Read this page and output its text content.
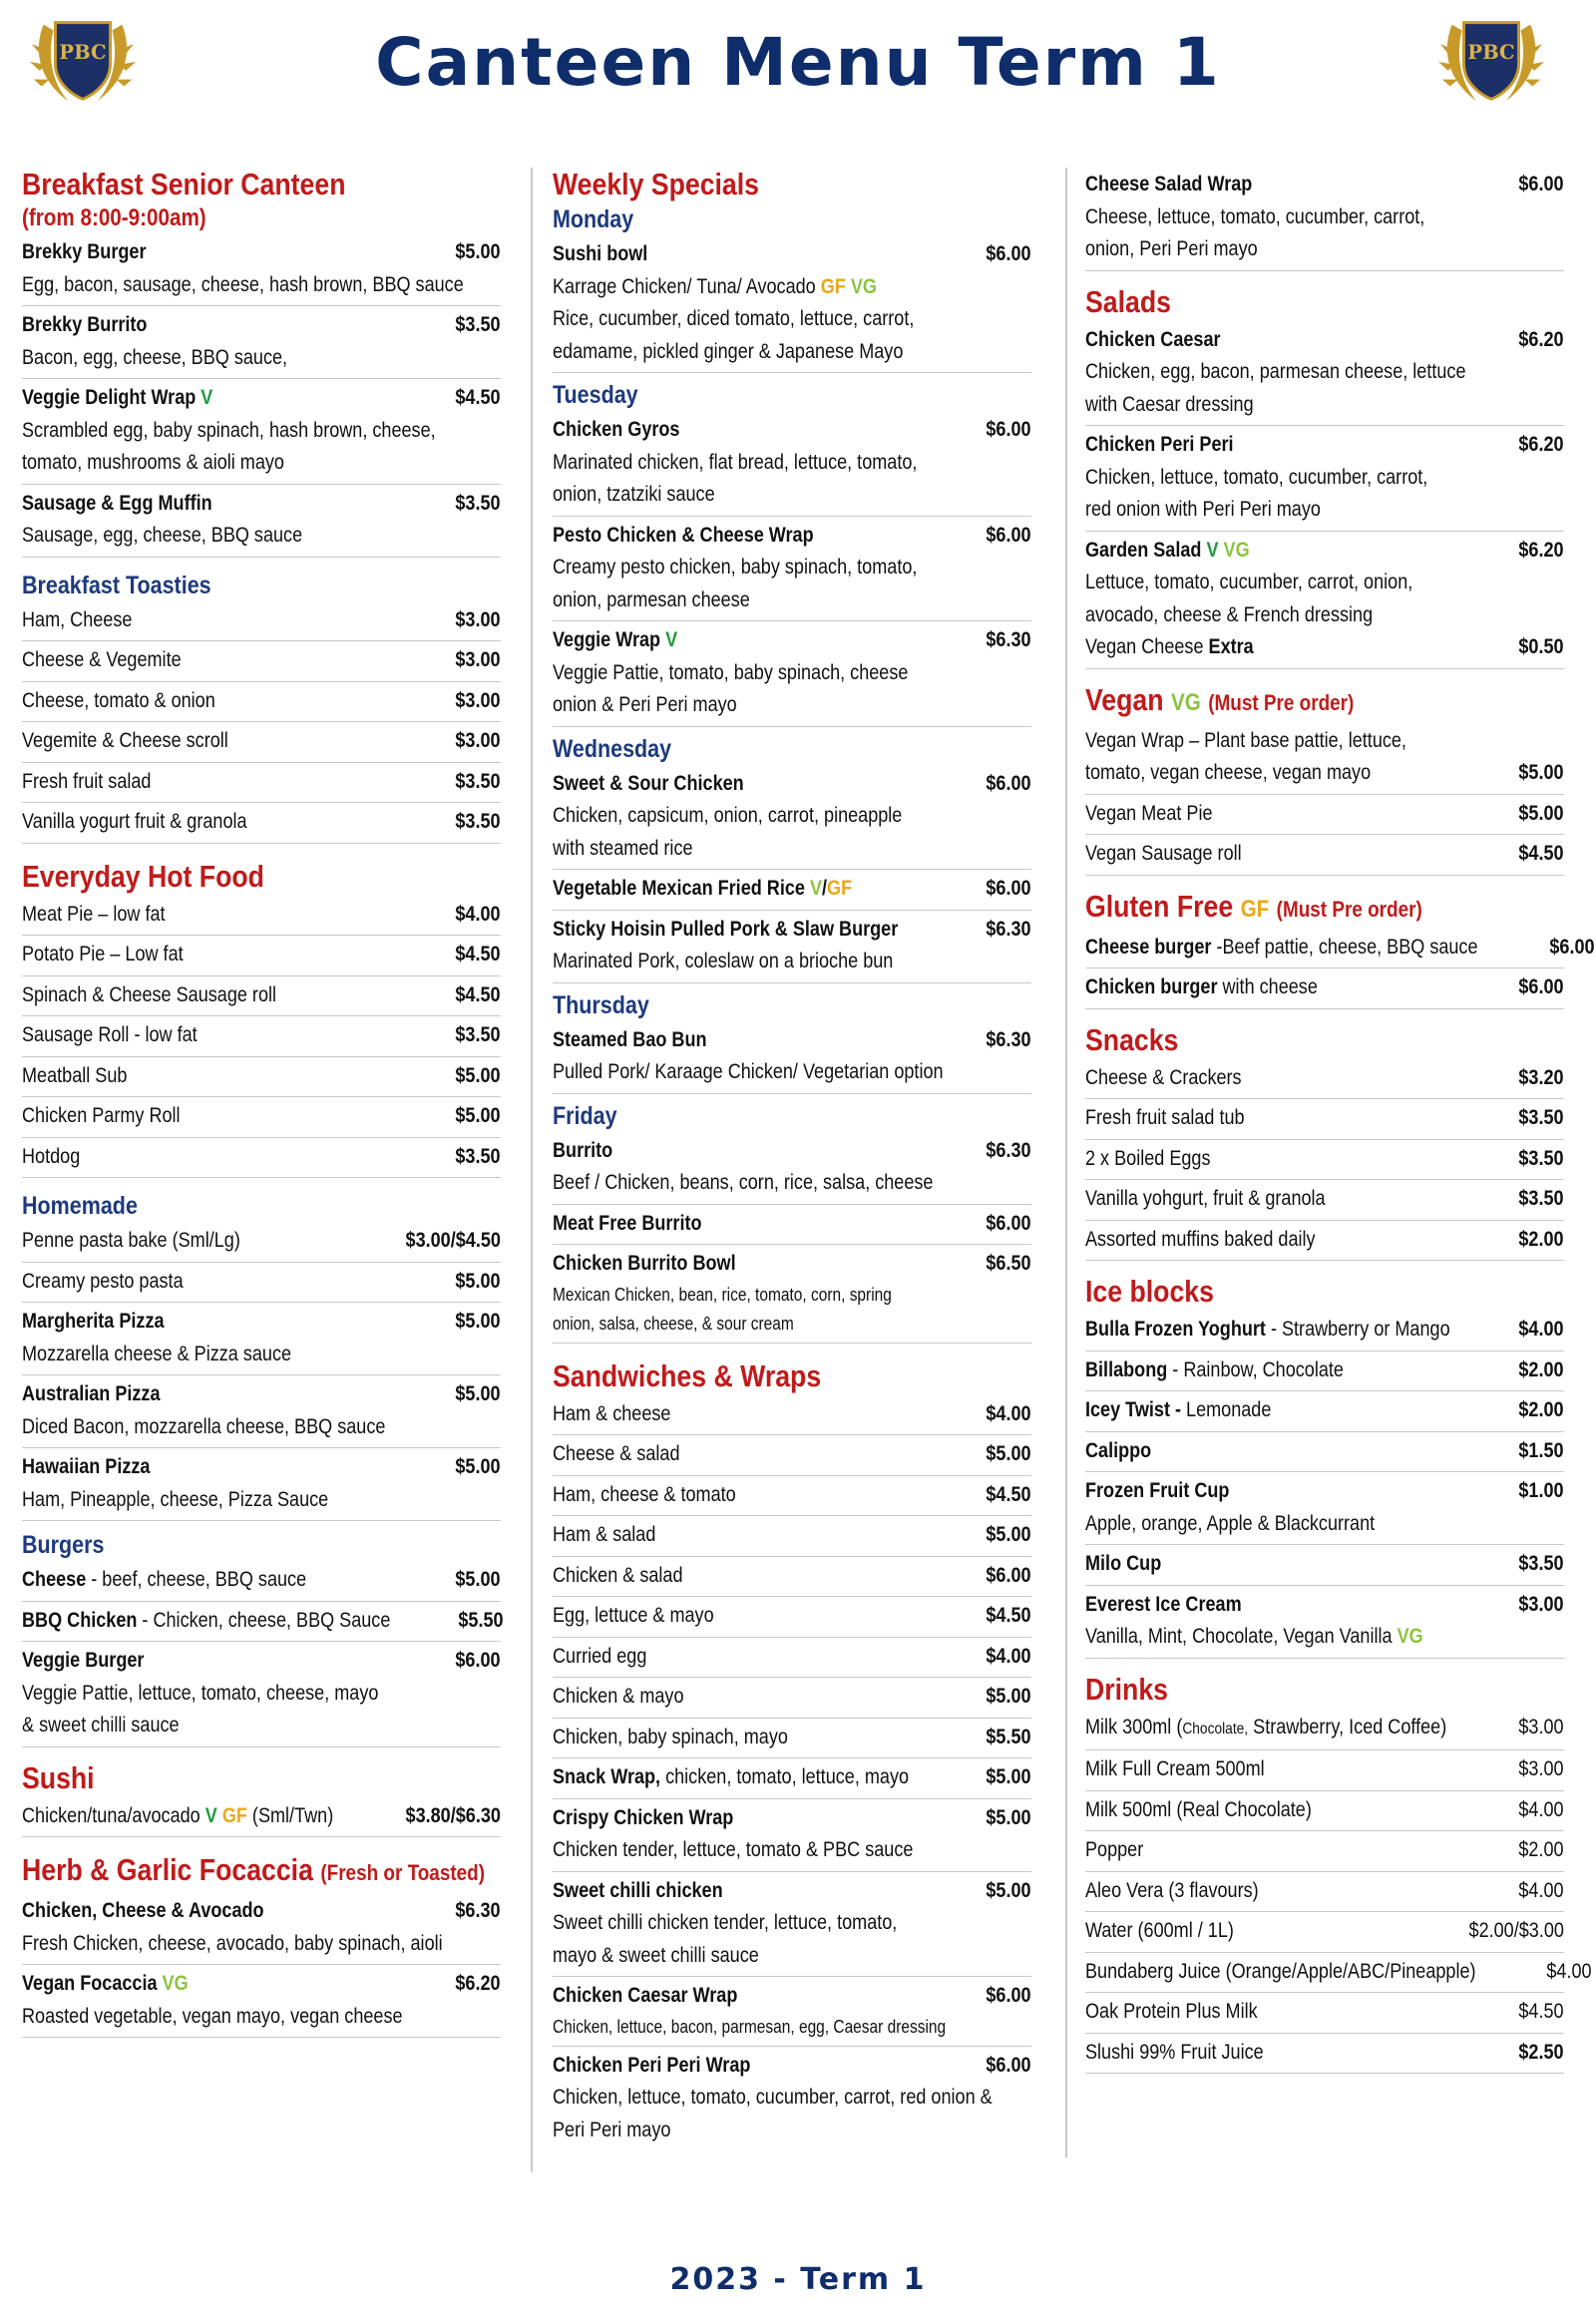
PBC	PBC
Canteen Menu Term 1
Breakfast Senior Canteen
(from 8:00-9:00am)
Brekky Burger	$5.00
Egg, bacon, sausage, cheese, hash brown, BBQ sauce
Brekky Burrito	$3.50
Bacon, egg, cheese, BBQ sauce,
Veggie Delight Wrap V	$4.50
Scrambled egg, baby spinach, hash brown, cheese,
tomato, mushrooms & aioli mayo
Sausage & Egg Muffin	$3.50
Sausage, egg, cheese, BBQ sauce
Breakfast Toasties
Ham, Cheese	$3.00
Cheese & Vegemite	$3.00
Cheese, tomato & onion	$3.00
Vegemite & Cheese scroll	$3.00
Fresh fruit salad	$3.50
Vanilla yogurt fruit & granola	$3.50
Everyday Hot Food
Meat Pie – low fat	$4.00
Potato Pie – Low fat	$4.50
Spinach & Cheese Sausage roll	$4.50
Sausage Roll - low fat	$3.50
Meatball Sub	$5.00
Chicken Parmy Roll	$5.00
Hotdog	$3.50
Homemade
Penne pasta bake (Sml/Lg)	$3.00/$4.50
Creamy pesto pasta	$5.00
Margherita Pizza	$5.00
Mozzarella cheese & Pizza sauce
Australian Pizza	$5.00
Diced Bacon, mozzarella cheese, BBQ sauce
Hawaiian Pizza	$5.00
Ham, Pineapple, cheese, Pizza Sauce
Burgers
Cheese - beef, cheese, BBQ sauce	$5.00
BBQ Chicken - Chicken, cheese, BBQ Sauce	$5.50
Veggie Burger	$6.00
Veggie Pattie, lettuce, tomato, cheese, mayo
& sweet chilli sauce
Sushi
Chicken/tuna/avocado V GF (Sml/Twn)	$3.80/$6.30
Herb & Garlic Focaccia (Fresh or Toasted)
Chicken, Cheese & Avocado	$6.30
Fresh Chicken, cheese, avocado, baby spinach, aioli
Vegan Focaccia VG	$6.20
Roasted vegetable, vegan mayo, vegan cheese
Weekly Specials
Monday
Sushi bowl	$6.00
Karrage Chicken/ Tuna/ Avocado GF VG
Rice, cucumber, diced tomato, lettuce, carrot,
edamame, pickled ginger & Japanese Mayo
Tuesday
Chicken Gyros	$6.00
Marinated chicken, flat bread, lettuce, tomato,
onion, tzatziki sauce
Pesto Chicken & Cheese Wrap	$6.00
Creamy pesto chicken, baby spinach, tomato,
onion, parmesan cheese
Veggie Wrap V	$6.30
Veggie Pattie, tomato, baby spinach, cheese
onion & Peri Peri mayo
Wednesday
Sweet & Sour Chicken	$6.00
Chicken, capsicum, onion, carrot, pineapple
with steamed rice
Vegetable Mexican Fried Rice V/GF	$6.00
Sticky Hoisin Pulled Pork & Slaw Burger	$6.30
Marinated Pork, coleslaw on a brioche bun
Thursday
Steamed Bao Bun	$6.30
Pulled Pork/ Karaage Chicken/ Vegetarian option
Friday
Burrito	$6.30
Beef / Chicken, beans, corn, rice, salsa, cheese
Meat Free Burrito	$6.00
Chicken Burrito Bowl	$6.50
Mexican Chicken, bean, rice, tomato, corn, spring
onion, salsa, cheese, & sour cream
Sandwiches & Wraps
Ham & cheese	$4.00
Cheese & salad	$5.00
Ham, cheese & tomato	$4.50
Ham & salad	$5.00
Chicken & salad	$6.00
Egg, lettuce & mayo	$4.50
Curried egg	$4.00
Chicken & mayo	$5.00
Chicken, baby spinach, mayo	$5.50
Snack Wrap, chicken, tomato, lettuce, mayo	$5.00
Crispy Chicken Wrap	$5.00
Chicken tender, lettuce, tomato & PBC sauce
Sweet chilli chicken	$5.00
Sweet chilli chicken tender, lettuce, tomato,
mayo & sweet chilli sauce
Chicken Caesar Wrap	$6.00
Chicken, lettuce, bacon, parmesan, egg, Caesar dressing
Chicken Peri Peri Wrap	$6.00
Chicken, lettuce, tomato, cucumber, carrot, red onion &
Peri Peri mayo
Cheese Salad Wrap	$6.00
Cheese, lettuce, tomato, cucumber, carrot,
onion, Peri Peri mayo
Salads
Chicken Caesar	$6.20
Chicken, egg, bacon, parmesan cheese, lettuce
with Caesar dressing
Chicken Peri Peri	$6.20
Chicken, lettuce, tomato, cucumber, carrot,
red onion with Peri Peri mayo
Garden Salad V VG	$6.20
Lettuce, tomato, cucumber, carrot, onion,
avocado, cheese & French dressing
Vegan Cheese Extra	$0.50
Vegan VG (Must Pre order)
Vegan Wrap – Plant base pattie, lettuce,
tomato, vegan cheese, vegan mayo	$5.00
Vegan Meat Pie	$5.00
Vegan Sausage roll	$4.50
Gluten Free GF (Must Pre order)
Cheese burger -Beef pattie, cheese, BBQ sauce	$6.00
Chicken burger with cheese	$6.00
Snacks
Cheese & Crackers	$3.20
Fresh fruit salad tub	$3.50
2 x Boiled Eggs	$3.50
Vanilla yohgurt, fruit & granola	$3.50
Assorted muffins baked daily	$2.00
Ice blocks
Bulla Frozen Yoghurt - Strawberry or Mango	$4.00
Billabong - Rainbow, Chocolate	$2.00
Icey Twist - Lemonade	$2.00
Calippo	$1.50
Frozen Fruit Cup	$1.00
Apple, orange, Apple & Blackcurrant
Milo Cup	$3.50
Everest Ice Cream	$3.00
Vanilla, Mint, Chocolate, Vegan Vanilla VG
Drinks
Milk 300ml (Chocolate, Strawberry, Iced Coffee)	$3.00
Milk Full Cream 500ml	$3.00
Milk 500ml (Real Chocolate)	$4.00
Popper	$2.00
Aleo Vera (3 flavours)	$4.00
Water (600ml / 1L)	$2.00/$3.00
Bundaberg Juice (Orange/Apple/ABC/Pineapple)	$4.00
Oak Protein Plus Milk	$4.50
Slushi 99% Fruit Juice	$2.50
2023 - Term 1
